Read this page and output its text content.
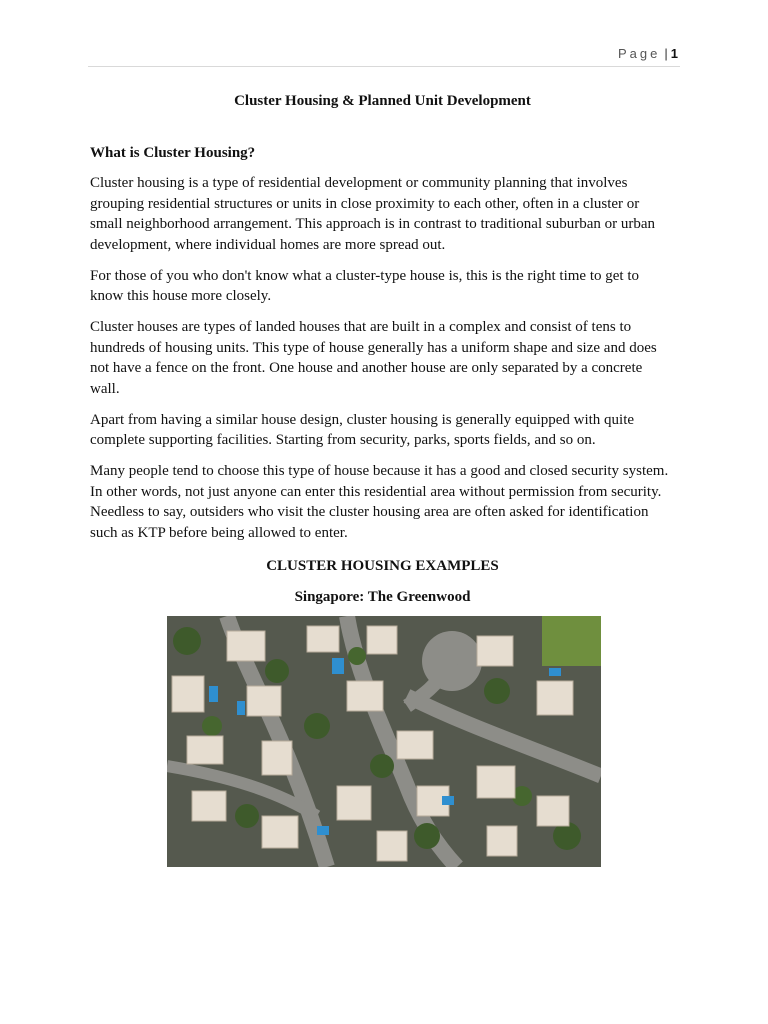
Page | 1
Cluster Housing & Planned Unit Development
What is Cluster Housing?

Cluster housing is a type of residential development or community planning that involves grouping residential structures or units in close proximity to each other, often in a cluster or small neighborhood arrangement. This approach is in contrast to traditional suburban or urban development, where individual homes are more spread out.

For those of you who don't know what a cluster-type house is, this is the right time to get to know this house more closely.

Cluster houses are types of landed houses that are built in a complex and consist of tens to hundreds of housing units. This type of house generally has a uniform shape and size and does not have a fence on the front. One house and another house are only separated by a concrete wall.

Apart from having a similar house design, cluster housing is generally equipped with quite complete supporting facilities. Starting from security, parks, sports fields, and so on.

Many people tend to choose this type of house because it has a good and closed security system. In other words, not just anyone can enter this residential area without permission from security. Needless to say, outsiders who visit the cluster housing area are often asked for identification such as KTP before being allowed to enter.

CLUSTER HOUSING EXAMPLES
Singapore: The Greenwood
